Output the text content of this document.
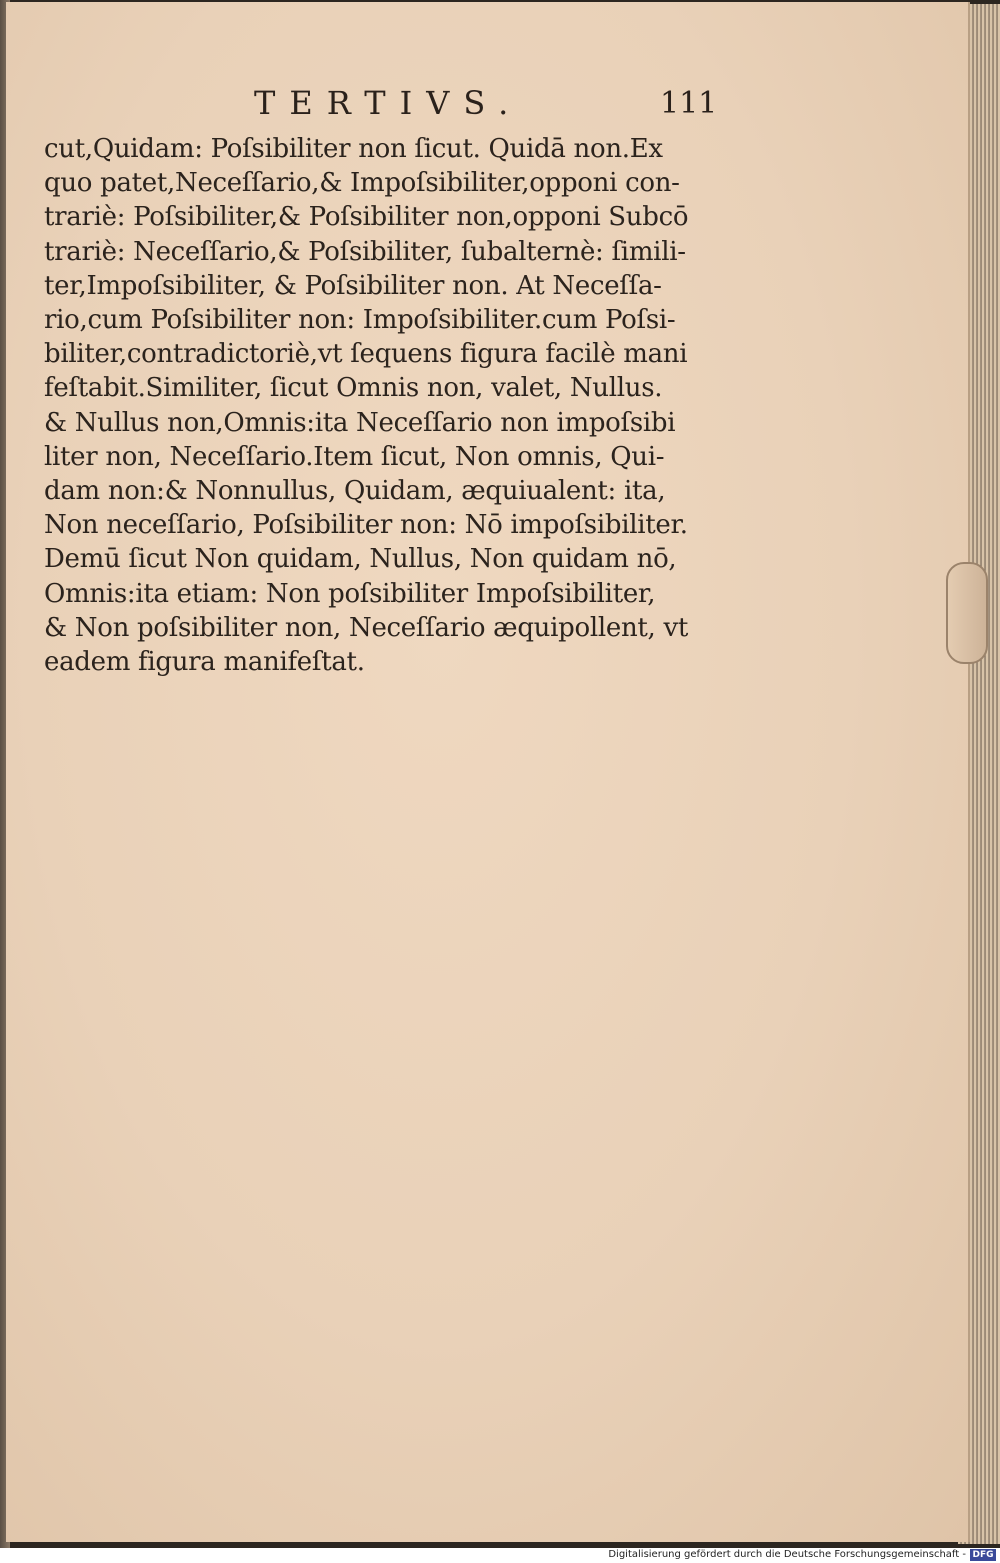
TERTIVS.	111
cut,Quidam: Poſsibiliter non ſicut. Quidā non.Ex
quo patet,Neceſſario,& Impoſsibiliter,opponi con-
trariè: Poſsibiliter,& Poſsibiliter non,opponi Subcō
trariè: Neceſſario,& Poſsibiliter, ſubalternè: ſimili-
ter,Impoſsibiliter, & Poſsibiliter non. At Neceſſa-
rio,cum Poſsibiliter non: Impoſsibiliter.cum Poſsi-
biliter,contradictoriè,vt ſequens figura facilè mani
feſtabit.Similiter, ſicut Omnis non, valet, Nullus.
& Nullus non,Omnis:ita Neceſſario non impoſsibi
liter non, Neceſſario.Item ſicut, Non omnis, Qui-
dam non:& Nonnullus, Quidam, æquiualent: ita,
Non neceſſario, Poſsibiliter non: Nō impoſsibiliter.
Demū ſicut Non quidam, Nullus, Non quidam nō,
Omnis:ita etiam: Non poſsibiliter Impoſsibiliter,
& Non poſsibiliter non, Neceſſario æquipollent, vt
eadem figura manifeſtat.
Digitalisierung gefördert durch die Deutsche Forschungsgemeinschaft - DFG
